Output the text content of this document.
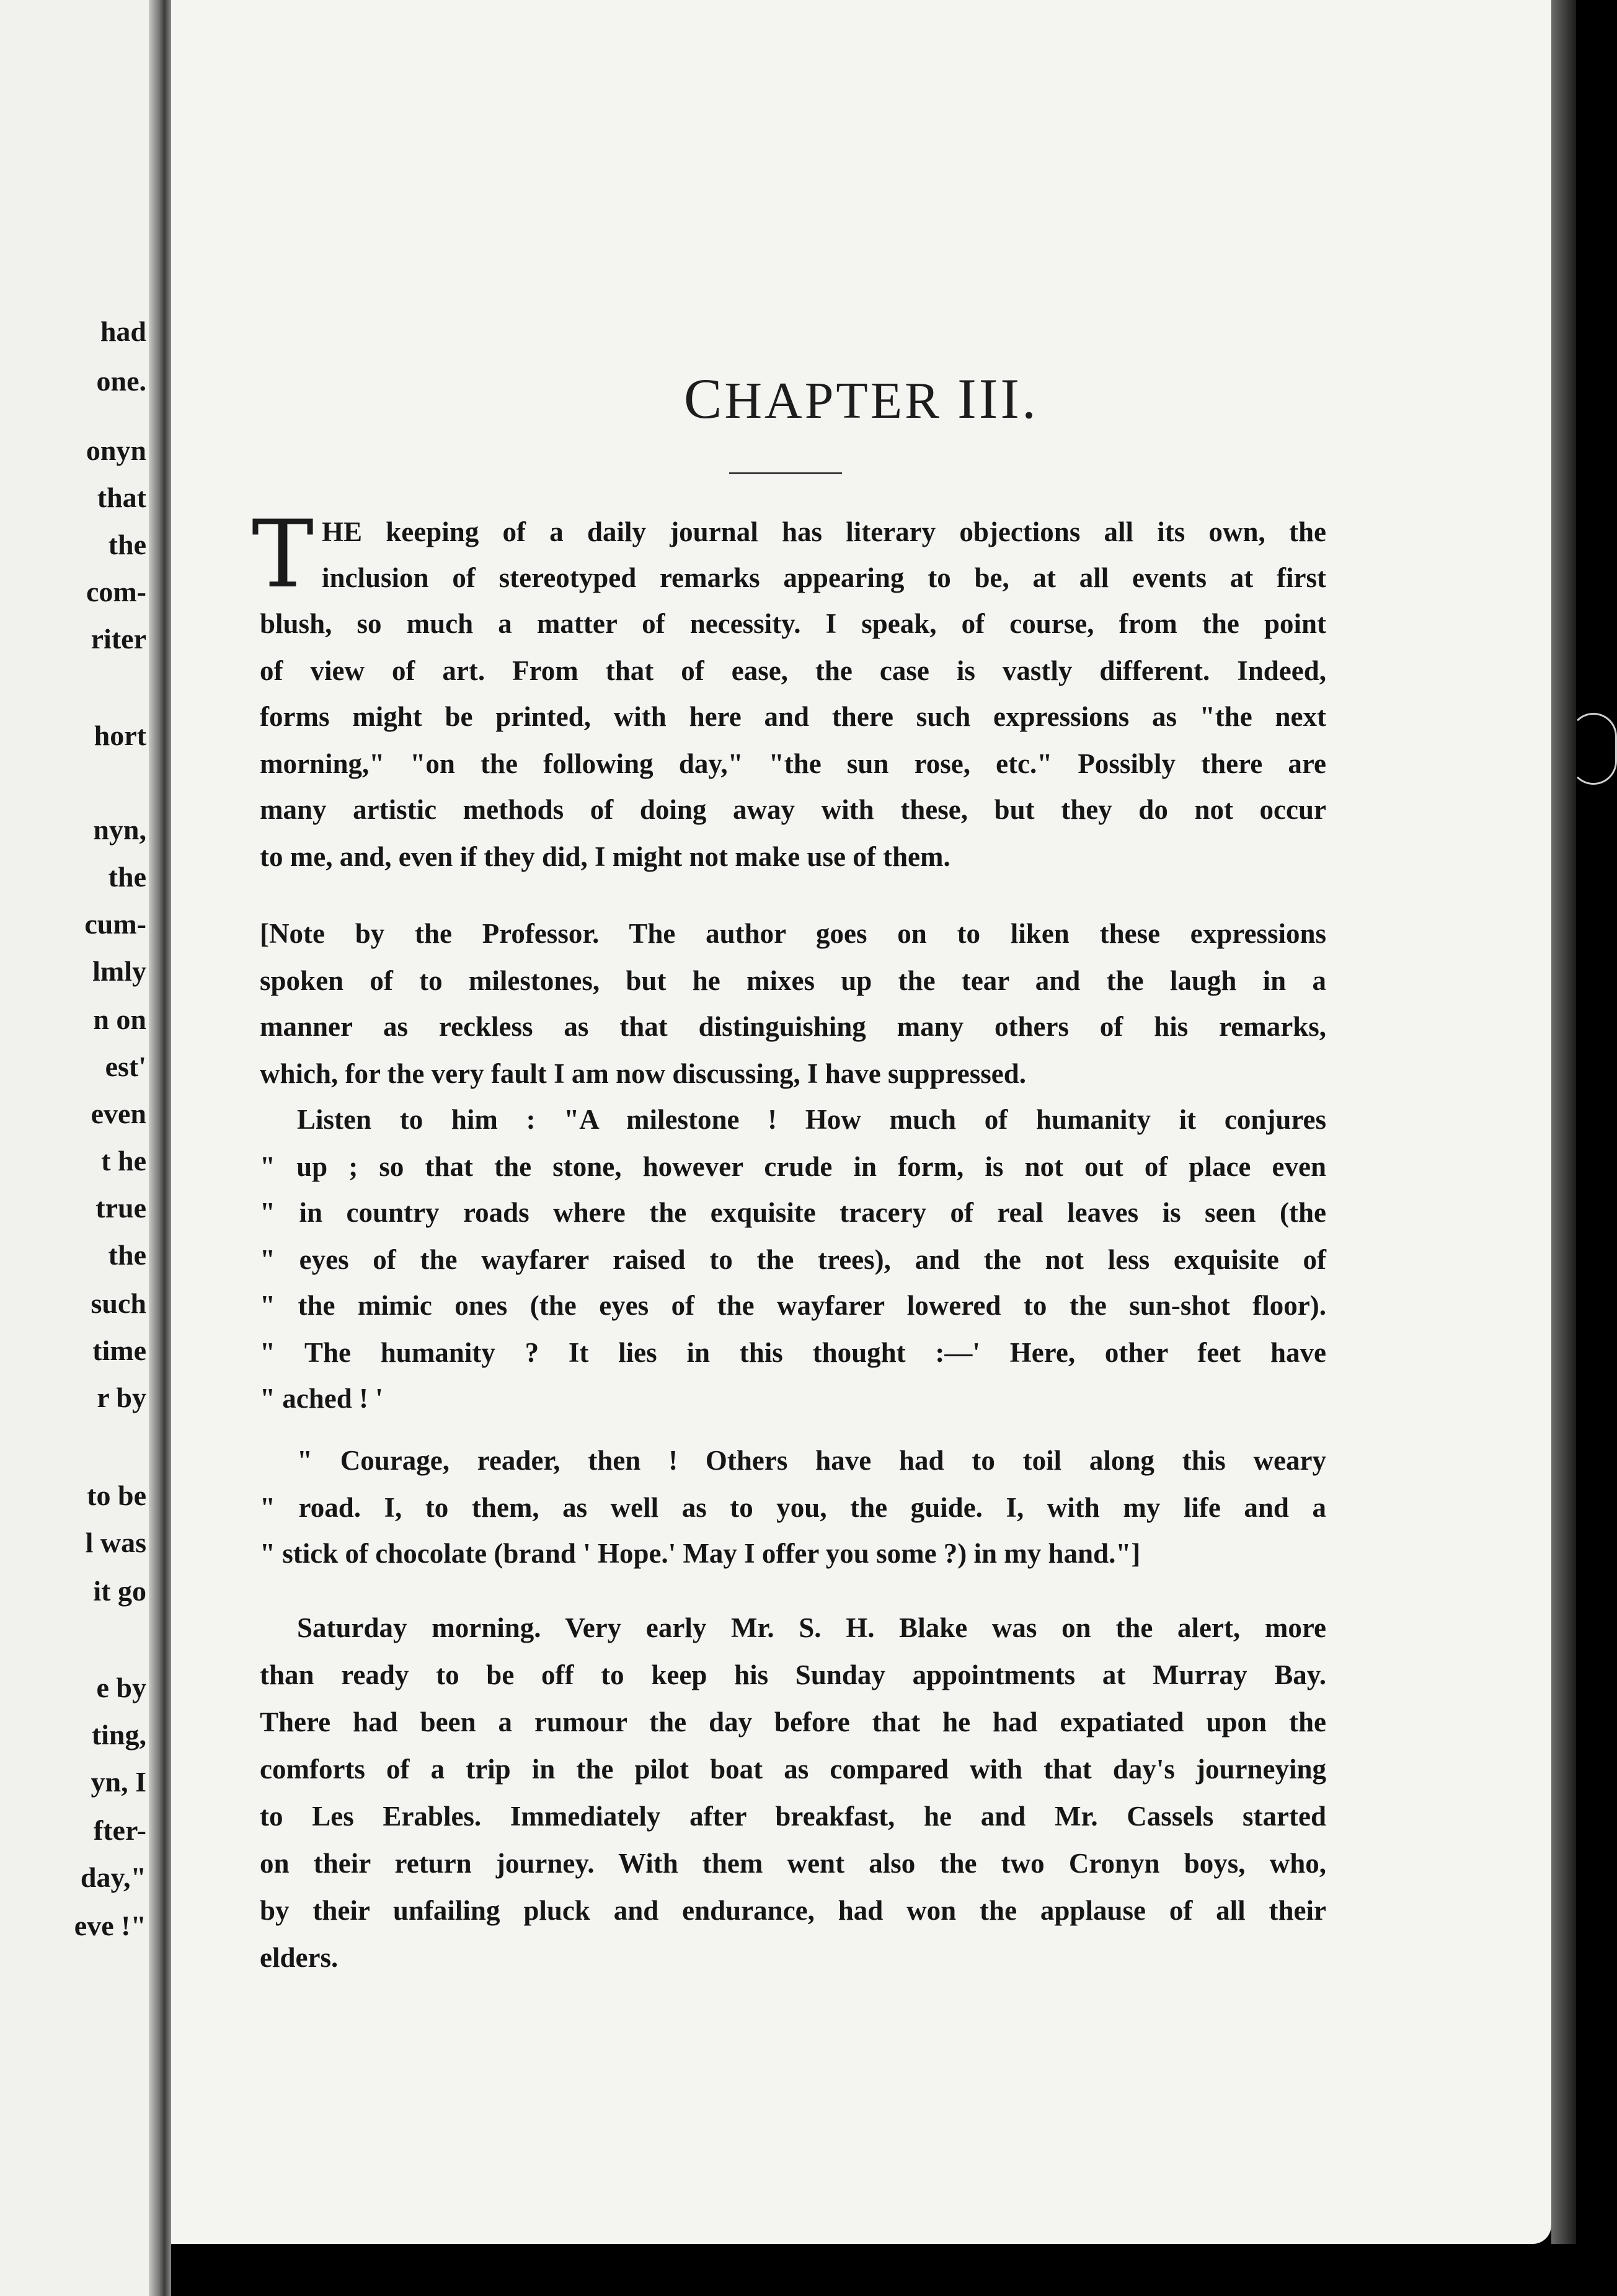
had
one.
onyn
that
the
com-
riter
hort
nyn,
the
cum-
lmly
n on
est'
even
t he
true
the
such
time
r by
to be
l was
it go
e by
ting,
yn, I
fter-
day,"
eve !"
CHAPTER III.
T HE keeping of a daily journal has literary objections all its own, the
inclusion of stereotyped remarks appearing to be, at all events at first
blush, so much a matter of necessity. I speak, of course, from the point
of view of art. From that of ease, the case is vastly different. Indeed,
forms might be printed, with here and there such expressions as "the next
morning," "on the following day," "the sun rose, etc." Possibly there are
many artistic methods of doing away with these, but they do not occur
to me, and, even if they did, I might not make use of them.
[Note by the Professor. The author goes on to liken these expressions
spoken of to milestones, but he mixes up the tear and the laugh in a
manner as reckless as that distinguishing many others of his remarks,
which, for the very fault I am now discussing, I have suppressed.
Listen to him : "A milestone ! How much of humanity it conjures
" up ; so that the stone, however crude in form, is not out of place even
" in country roads where the exquisite tracery of real leaves is seen (the
" eyes of the wayfarer raised to the trees), and the not less exquisite of
" the mimic ones (the eyes of the wayfarer lowered to the sun-shot floor).
" The humanity ? It lies in this thought :—' Here, other feet have
" ached ! '
" Courage, reader, then ! Others have had to toil along this weary
" road. I, to them, as well as to you, the guide. I, with my life and a
" stick of chocolate (brand ' Hope.' May I offer you some ?) in my hand."]
Saturday morning. Very early Mr. S. H. Blake was on the alert, more
than ready to be off to keep his Sunday appointments at Murray Bay.
There had been a rumour the day before that he had expatiated upon the
comforts of a trip in the pilot boat as compared with that day's journeying
to Les Erables. Immediately after breakfast, he and Mr. Cassels started
on their return journey. With them went also the two Cronyn boys, who,
by their unfailing pluck and endurance, had won the applause of all their
elders.
